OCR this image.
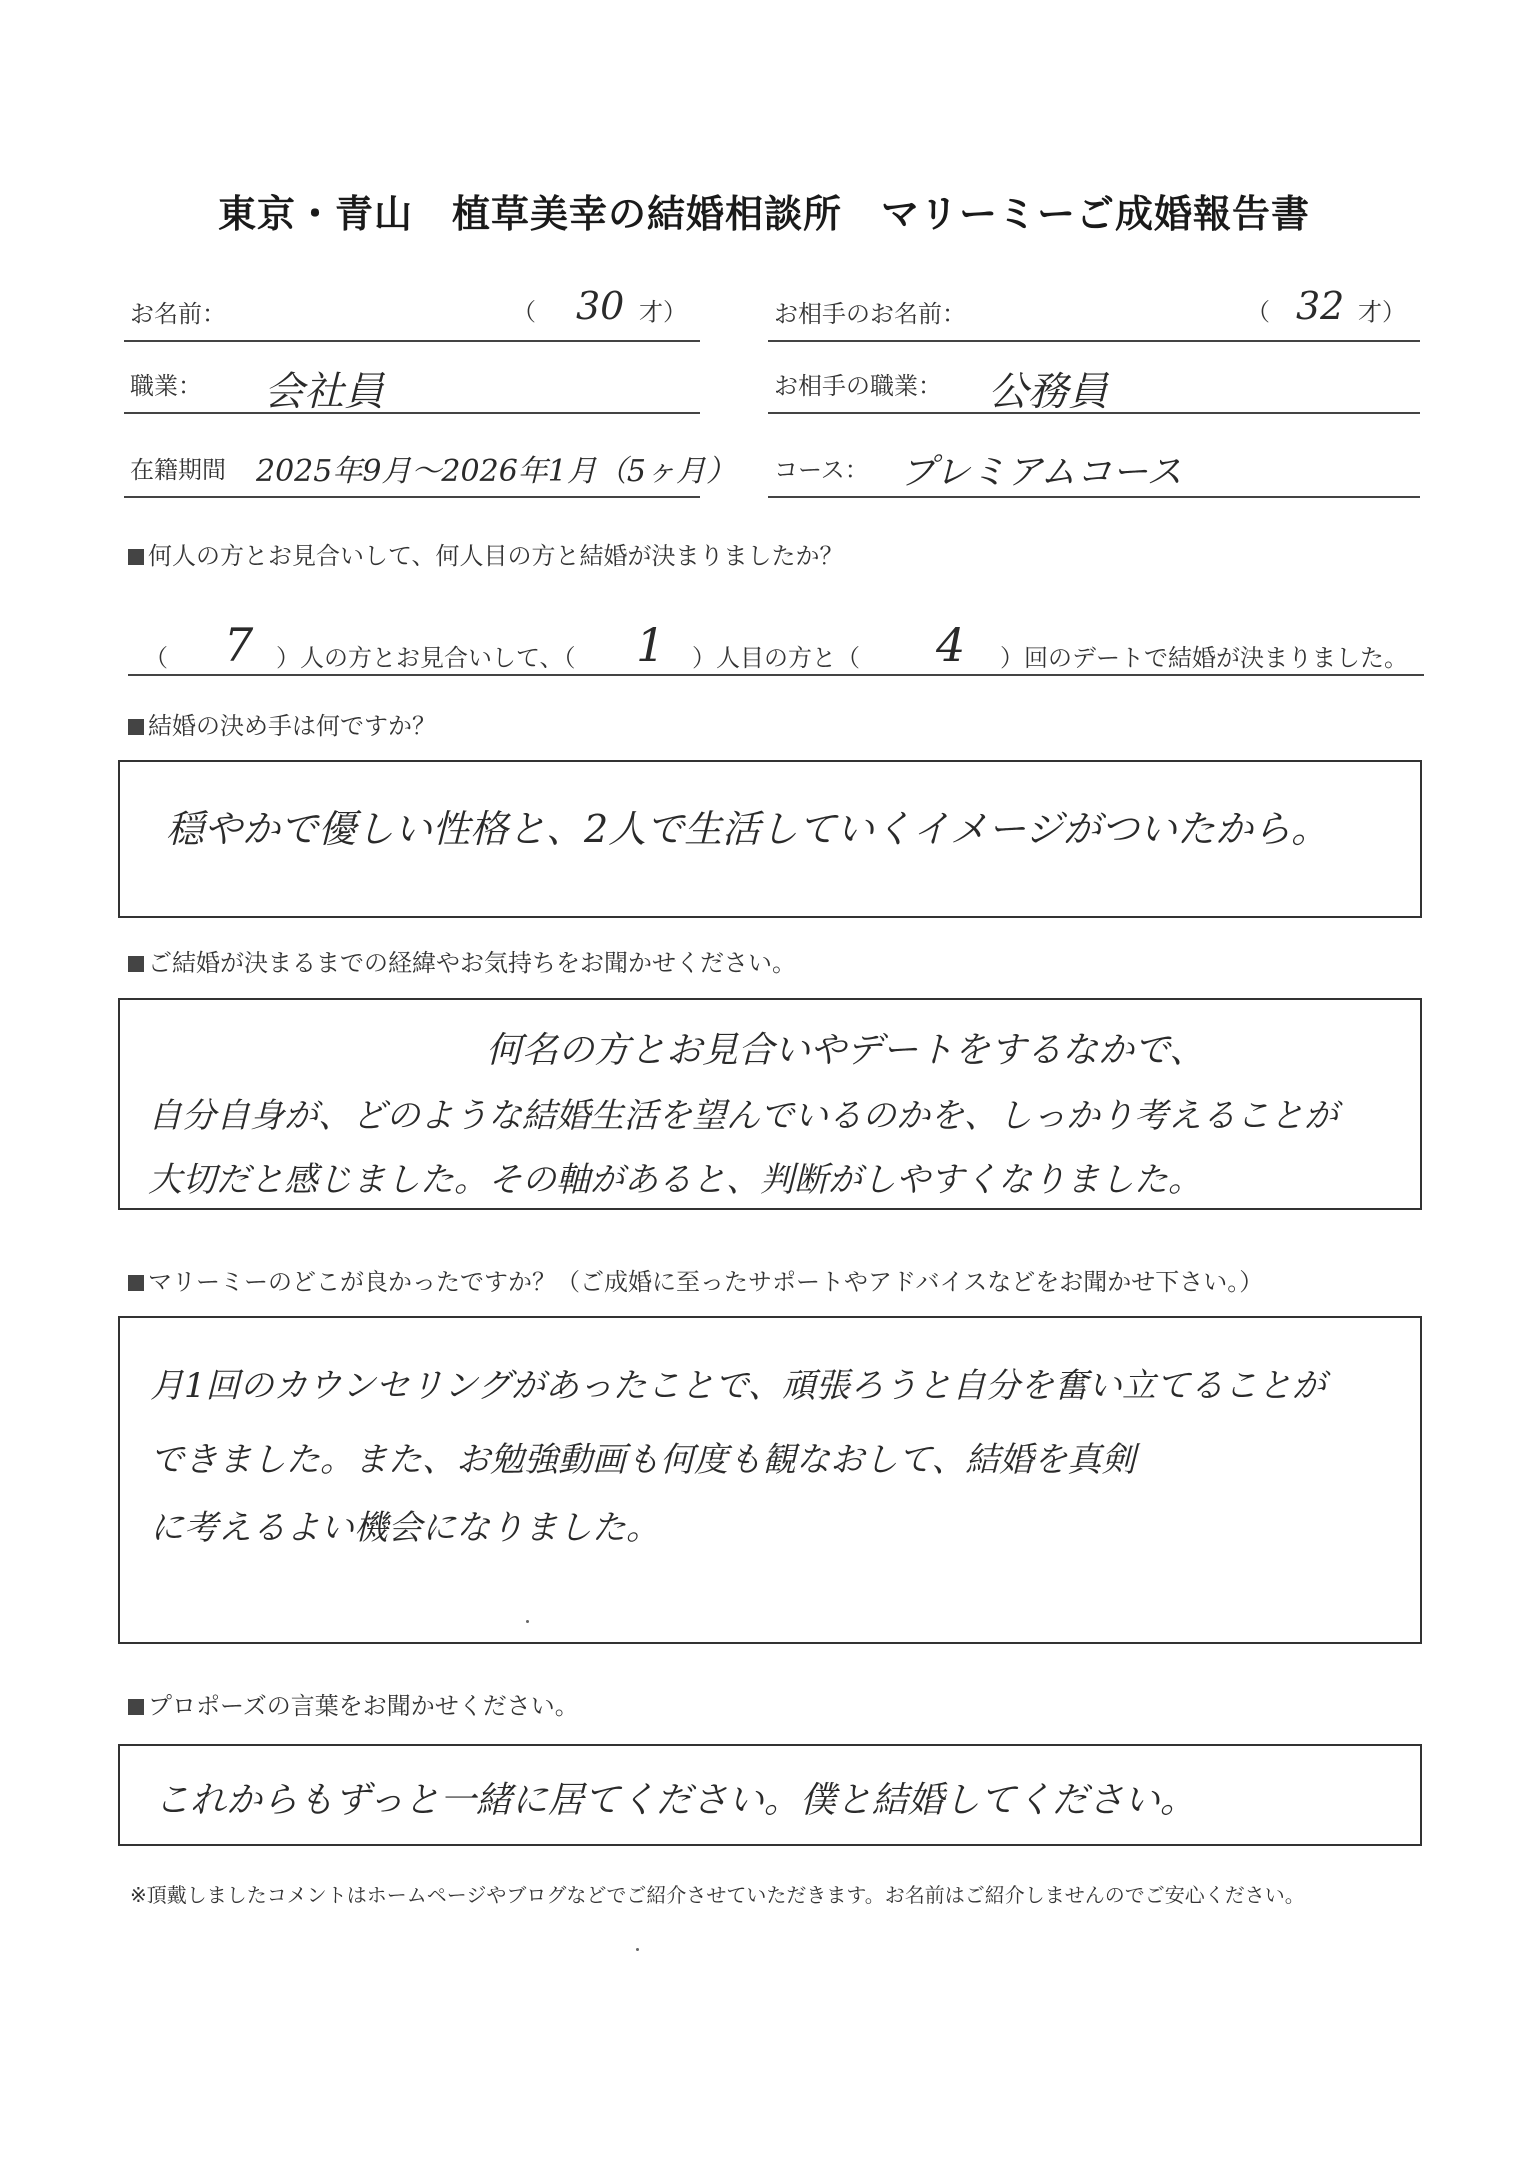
東京・青山　植草美幸の結婚相談所　マリーミーご成婚報告書
お名前：	（ 30 才）	お相手のお名前：	（ 32 才）
職業： 会社員	お相手の職業： 公務員
在籍期間 2025年9月〜2026年1月（5ヶ月） コース： プレミアムコース
何人の方とお見合いして、何人目の方と結婚が決まりましたか？
（ 7 ）人の方とお見合いして、（ 1 ）人目の方と（ 4 ）回のデートで結婚が決まりました。
結婚の決め手は何ですか？
穏やかで優しい性格と、2人で生活していくイメージがついたから。
ご結婚が決まるまでの経緯やお気持ちをお聞かせください。
何名の方とお見合いやデートをするなかで、
自分自身が、どのような結婚生活を望んでいるのかを、しっかり考えることが
大切だと感じました。その軸があると、判断がしやすくなりました。
マリーミーのどこが良かったですか？（ご成婚に至ったサポートやアドバイスなどをお聞かせ下さい。）
月1回のカウンセリングがあったことで、頑張ろうと自分を奮い立てることが
できました。また、お勉強動画も何度も観なおして、結婚を真剣
に考えるよい機会になりました。
プロポーズの言葉をお聞かせください。
これからもずっと一緒に居てください。僕と結婚してください。
※頂戴しましたコメントはホームページやブログなどでご紹介させていただきます。お名前はご紹介しませんのでご安心ください。
